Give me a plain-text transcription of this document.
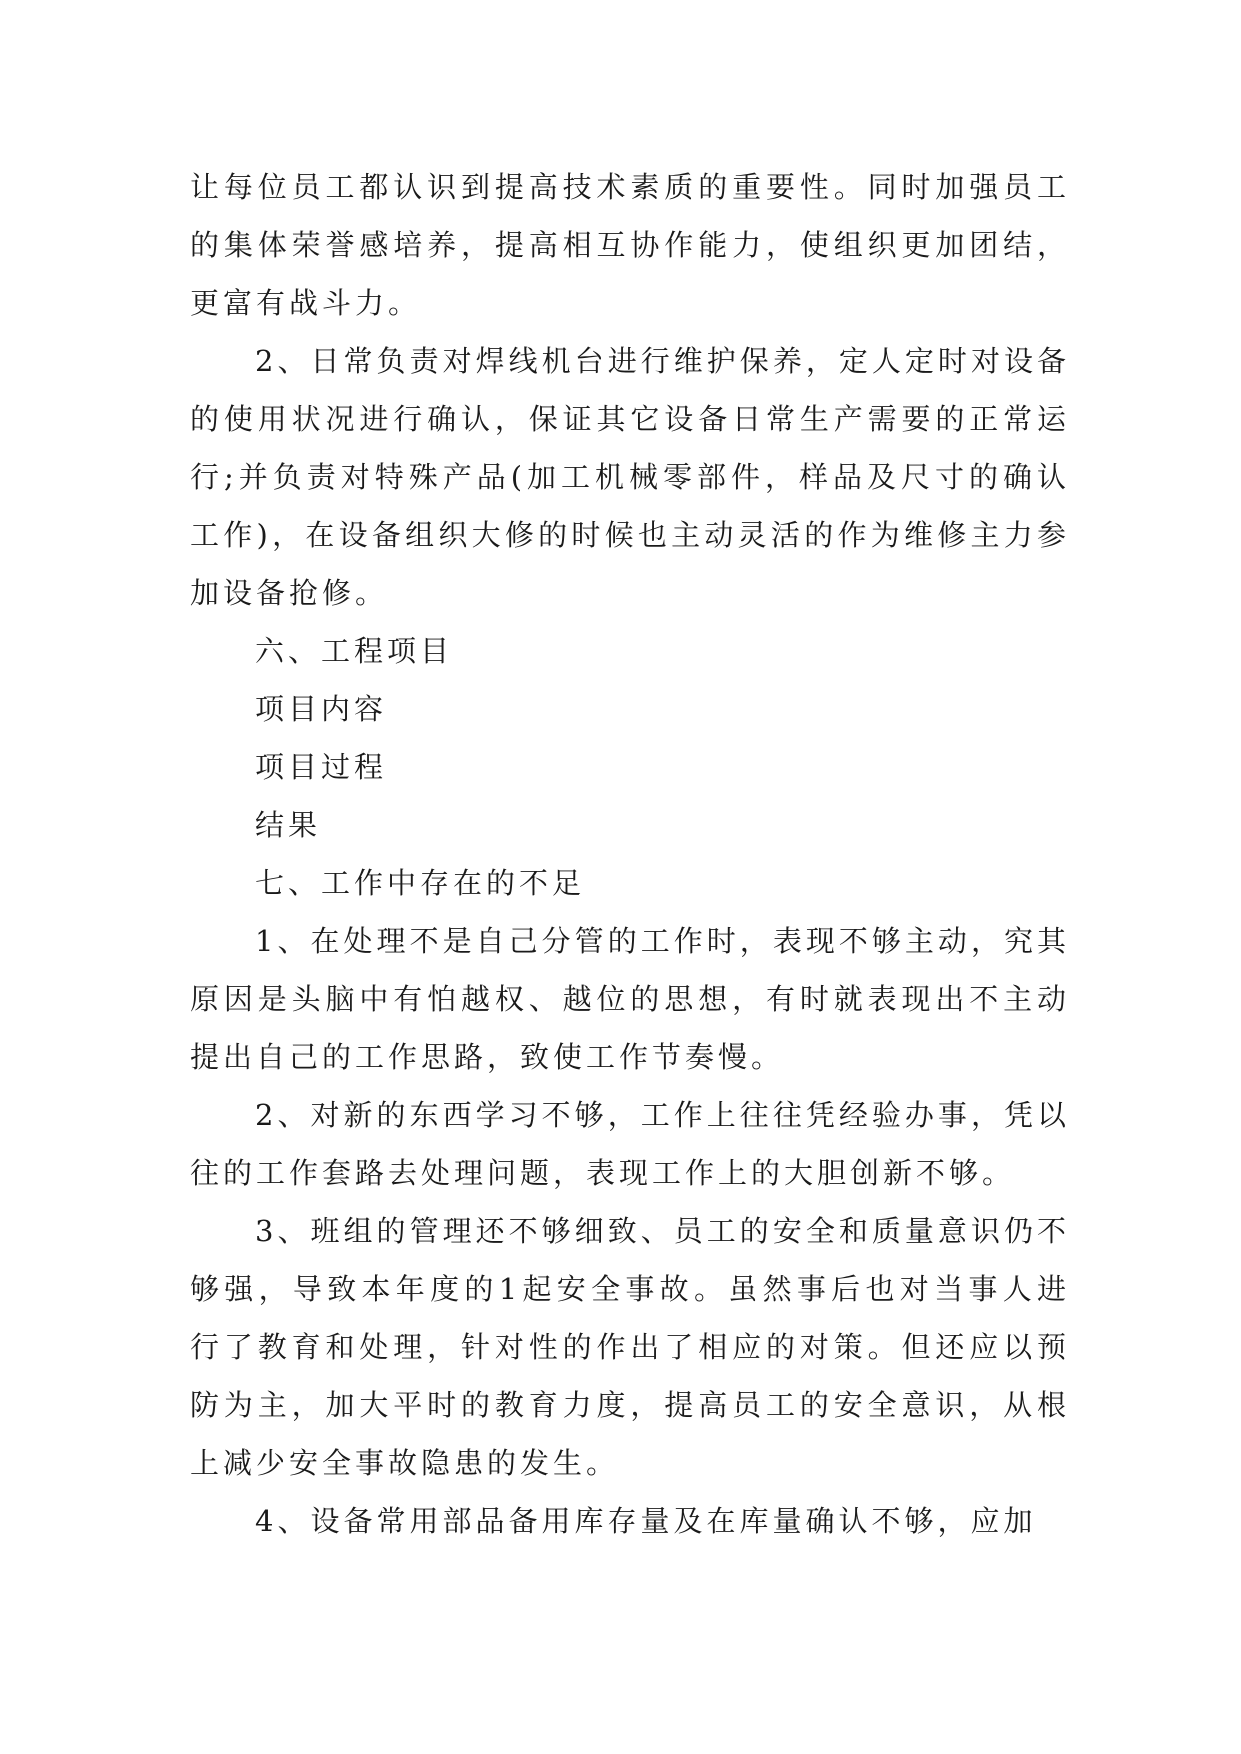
让每位员工都认识到提高技术素质的重要性。同时加强员工的集体荣誉感培养，提高相互协作能力，使组织更加团结，更富有战斗力。

2、日常负责对焊线机台进行维护保养，定人定时对设备的使用状况进行确认，保证其它设备日常生产需要的正常运行;并负责对特殊产品(加工机械零部件，样品及尺寸的确认工作)，在设备组织大修的时候也主动灵活的作为维修主力参加设备抢修。

六、工程项目

项目内容

项目过程

结果

七、工作中存在的不足

1、在处理不是自己分管的工作时，表现不够主动，究其原因是头脑中有怕越权、越位的思想，有时就表现出不主动提出自己的工作思路，致使工作节奏慢。

2、对新的东西学习不够，工作上往往凭经验办事，凭以往的工作套路去处理问题，表现工作上的大胆创新不够。

3、班组的管理还不够细致、员工的安全和质量意识仍不够强，导致本年度的1起安全事故。虽然事后也对当事人进行了教育和处理，针对性的作出了相应的对策。但还应以预防为主，加大平时的教育力度，提高员工的安全意识，从根上减少安全事故隐患的发生。

4、设备常用部品备用库存量及在库量确认不够，应加
